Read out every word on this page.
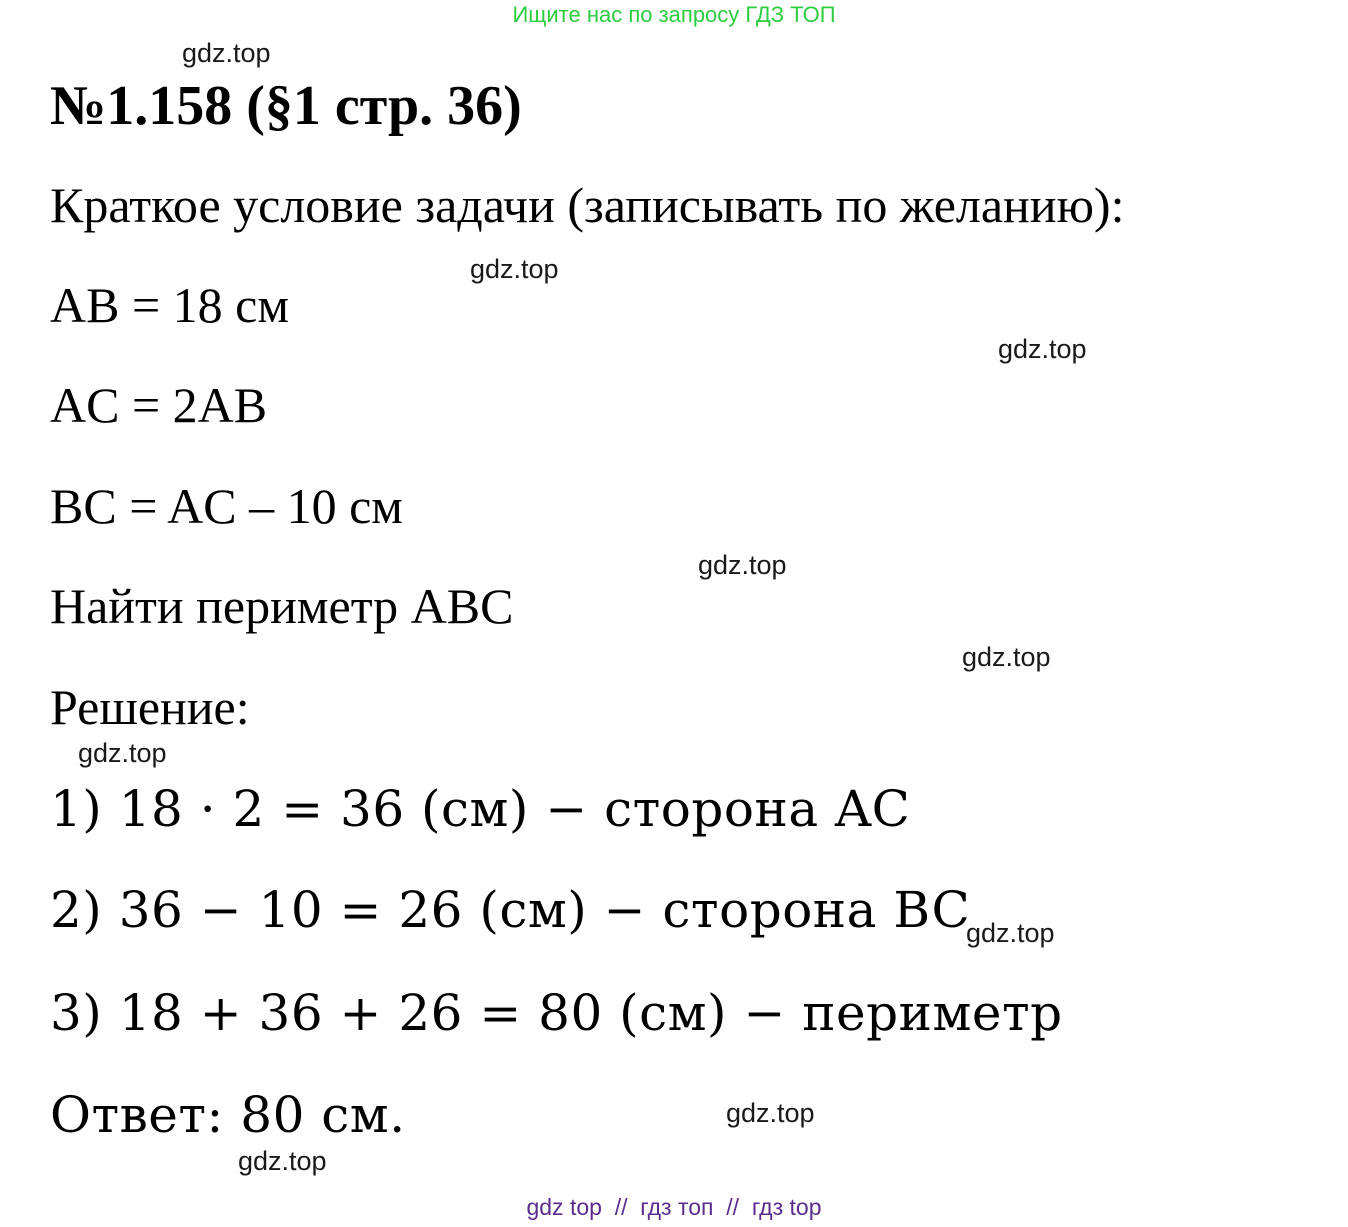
Ищите нас по запросу ГДЗ ТОП
№1.158 (§1 стр. 36)
Краткое условие задачи (записывать по желанию):
AB = 18 см
AC = 2AB
BC = AC – 10 см
Найти периметр ABC
Решение:
1) 18 · 2 = 36 (см) − сторона AC
2) 36 − 10 = 26 (см) − сторона BC
3) 18 + 36 + 26 = 80 (см) − периметр
Ответ: 80 см.
gdz.top
gdz.top
gdz.top
gdz.top
gdz.top
gdz.top
gdz.top
gdz.top
gdz.top
gdz top  //  гдз топ  //  гдз top
